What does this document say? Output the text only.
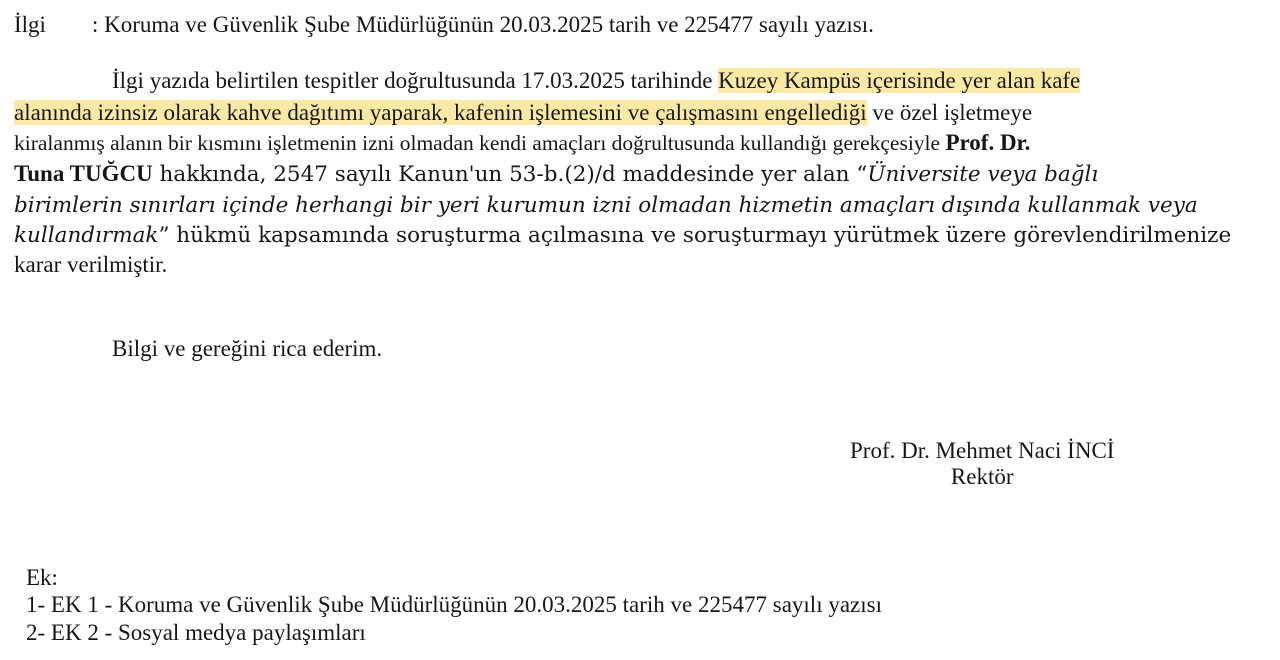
İlgi : Koruma ve Güvenlik Şube Müdürlüğünün 20.03.2025 tarih ve 225477 sayılı yazısı.
İlgi yazıda belirtilen tespitler doğrultusunda 17.03.2025 tarihinde Kuzey Kampüs içerisinde yer alan kafe
alanında izinsiz olarak kahve dağıtımı yaparak, kafenin işlemesini ve çalışmasını engellediği ve özel işletmeye
kiralanmış alanın bir kısmını işletmenin izni olmadan kendi amaçları doğrultusunda kullandığı gerekçesiyle Prof. Dr.
Tuna TUĞCU hakkında, 2547 sayılı Kanun'un 53-b.(2)/d maddesinde yer alan “Üniversite veya bağlı
birimlerin sınırları içinde herhangi bir yeri kurumun izni olmadan hizmetin amaçları dışında kullanmak veya
kullandırmak” hükmü kapsamında soruşturma açılmasına ve soruşturmayı yürütmek üzere görevlendirilmenize
karar verilmiştir.
Bilgi ve gereğini rica ederim.
Prof. Dr. Mehmet Naci İNCİ
Rektör
Ek:
1- EK 1 - Koruma ve Güvenlik Şube Müdürlüğünün 20.03.2025 tarih ve 225477 sayılı yazısı
2- EK 2 - Sosyal medya paylaşımları
